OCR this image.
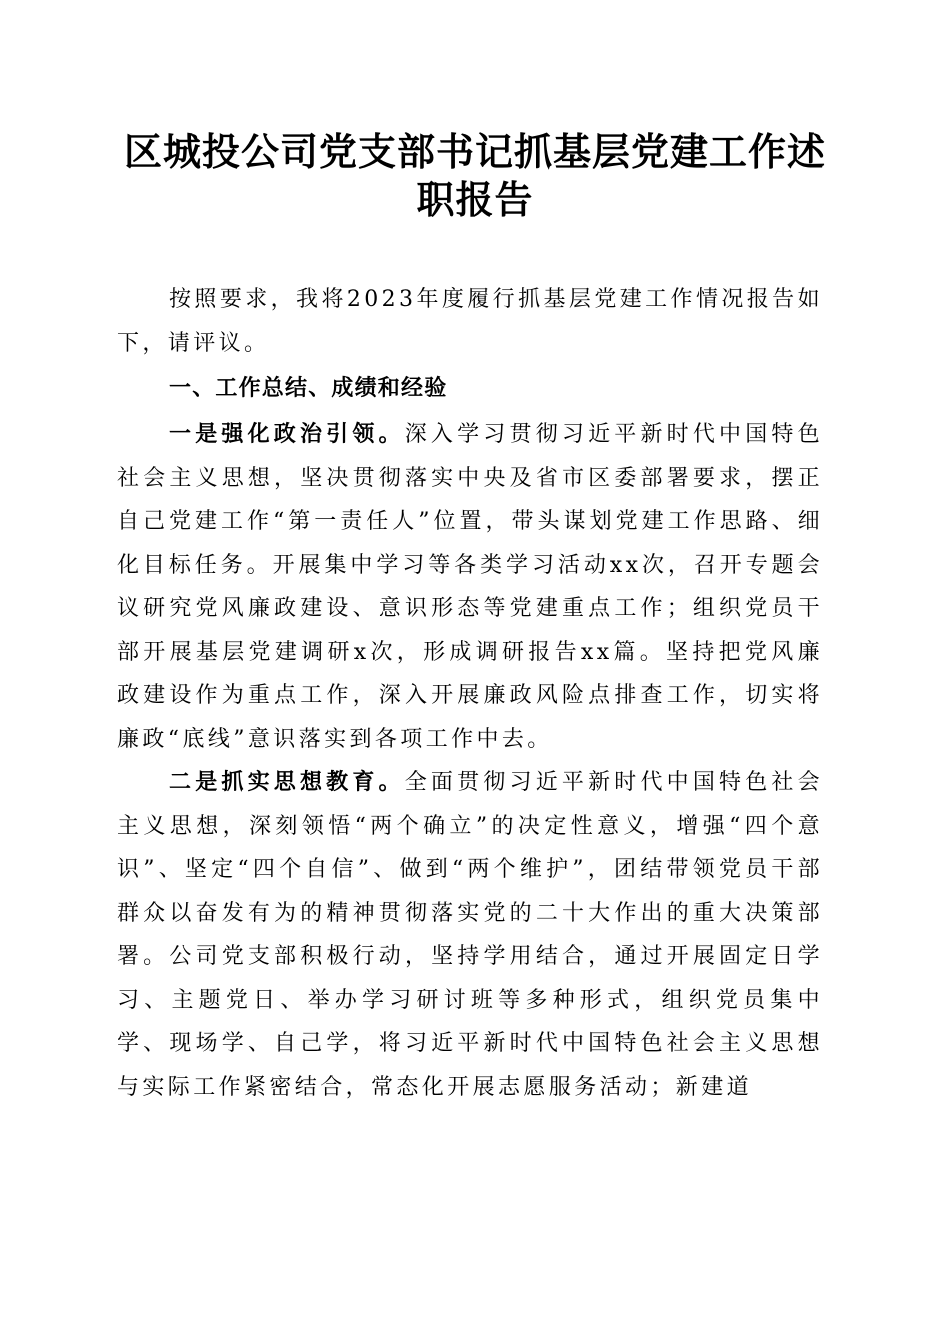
区城投公司党支部书记抓基层党建工作述职报告

按照要求，我将2023年度履行抓基层党建工作情况报告如下，请评议。

一、工作总结、成绩和经验

一是强化政治引领。深入学习贯彻习近平新时代中国特色社会主义思想，坚决贯彻落实中央及省市区委部署要求，摆正自己党建工作“第一责任人”位置，带头谋划党建工作思路、细化目标任务。开展集中学习等各类学习活动xx次，召开专题会议研究党风廉政建设、意识形态等党建重点工作；组织党员干部开展基层党建调研x次，形成调研报告xx篇。坚持把党风廉政建设作为重点工作，深入开展廉政风险点排查工作，切实将廉政“底线”意识落实到各项工作中去。

二是抓实思想教育。全面贯彻习近平新时代中国特色社会主义思想，深刻领悟“两个确立”的决定性意义，增强“四个意识”、坚定“四个自信”、做到“两个维护”，团结带领党员干部群众以奋发有为的精神贯彻落实党的二十大作出的重大决策部署。公司党支部积极行动，坚持学用结合，通过开展固定日学习、主题党日、举办学习研讨班等多种形式，组织党员集中学、现场学、自己学，将习近平新时代中国特色社会主义思想与实际工作紧密结合，常态化开展志愿服务活动；新建道
